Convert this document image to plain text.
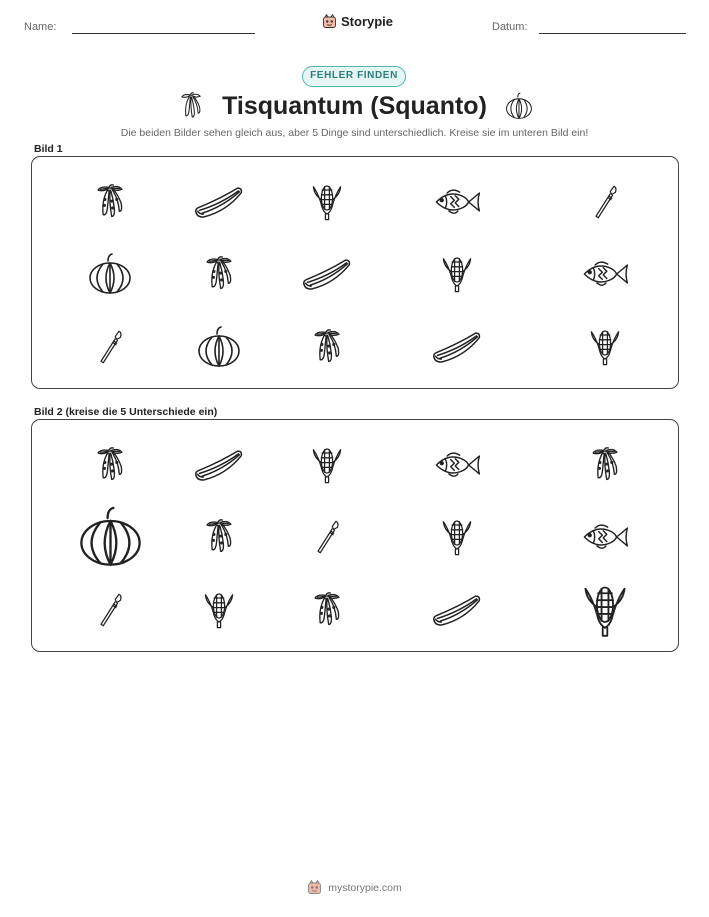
Name:	Storypie	Datum:
FEHLER FINDEN
Tisquantum (Squanto)
Die beiden Bilder sehen gleich aus, aber 5 Dinge sind unterschiedlich. Kreise sie im unteren Bild ein!
Bild 1
Bild 2 (kreise die 5 Unterschiede ein)
mystorypie.com
